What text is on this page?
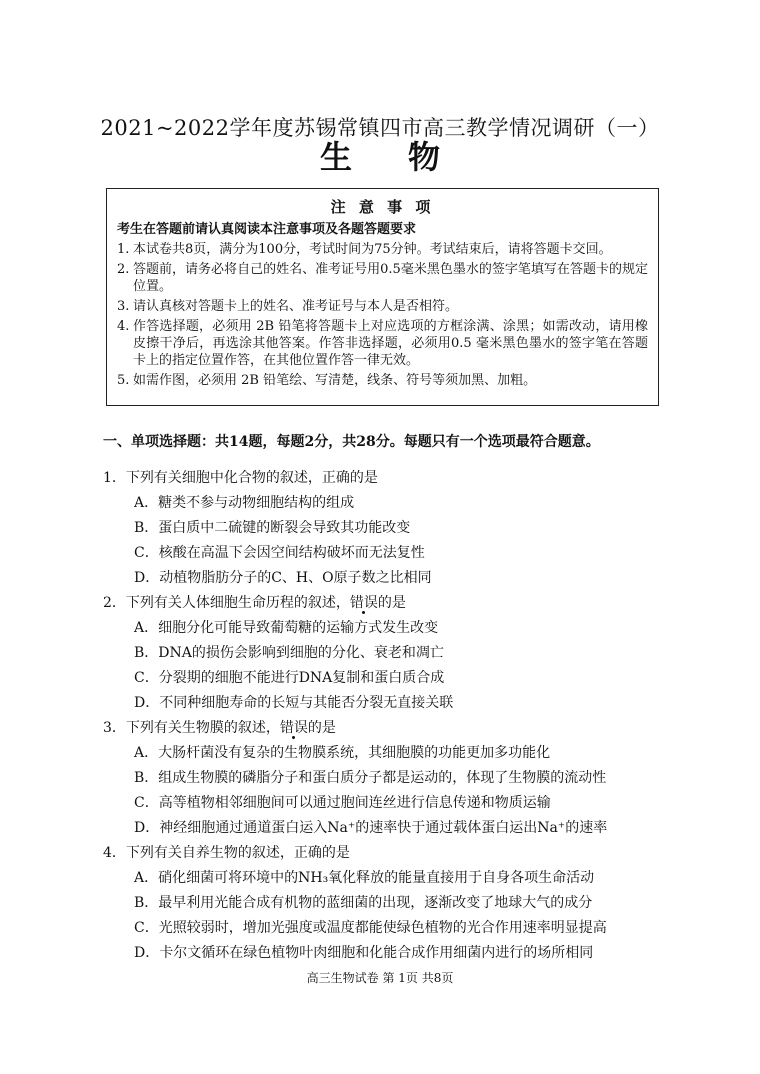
2021~2022学年度苏锡常镇四市高三教学情况调研（一）
生物
注 意 事 项
考生在答题前请认真阅读本注意事项及各题答题要求
1. 本试卷共8页，满分为100分，考试时间为75分钟。考试结束后，请将答题卡交回。
2. 答题前，请务必将自己的姓名、准考证号用0.5毫米黑色墨水的签字笔填写在答题卡的规定位置。
3. 请认真核对答题卡上的姓名、准考证号与本人是否相符。
4. 作答选择题，必须用 2B 铅笔将答题卡上对应选项的方框涂满、涂黑；如需改动，请用橡皮擦干净后，再选涂其他答案。作答非选择题，必须用0.5 毫米黑色墨水的签字笔在答题卡上的指定位置作答，在其他位置作答一律无效。
5. 如需作图，必须用 2B 铅笔绘、写清楚，线条、符号等须加黑、加粗。
一、单项选择题：共14题，每题2分，共28分。每题只有一个选项最符合题意。
1．下列有关细胞中化合物的叙述，正确的是
A．糖类不参与动物细胞结构的组成
B．蛋白质中二硫键的断裂会导致其功能改变
C．核酸在高温下会因空间结构破坏而无法复性
D．动植物脂肪分子的C、H、O原子数之比相同
2．下列有关人体细胞生命历程的叙述，错误的是
A．细胞分化可能导致葡萄糖的运输方式发生改变
B．DNA的损伤会影响到细胞的分化、衰老和凋亡
C．分裂期的细胞不能进行DNA复制和蛋白质合成
D．不同种细胞寿命的长短与其能否分裂无直接关联
3．下列有关生物膜的叙述，错误的是
A．大肠杆菌没有复杂的生物膜系统，其细胞膜的功能更加多功能化
B．组成生物膜的磷脂分子和蛋白质分子都是运动的，体现了生物膜的流动性
C．高等植物相邻细胞间可以通过胞间连丝进行信息传递和物质运输
D．神经细胞通过通道蛋白运入Na⁺的速率快于通过载体蛋白运出Na⁺的速率
4．下列有关自养生物的叙述，正确的是
A．硝化细菌可将环境中的NH₃氧化释放的能量直接用于自身各项生命活动
B．最早利用光能合成有机物的蓝细菌的出现，逐渐改变了地球大气的成分
C．光照较弱时，增加光强度或温度都能使绿色植物的光合作用速率明显提高
D．卡尔文循环在绿色植物叶肉细胞和化能合成作用细菌内进行的场所相同
高三生物试卷 第 1页 共8页
